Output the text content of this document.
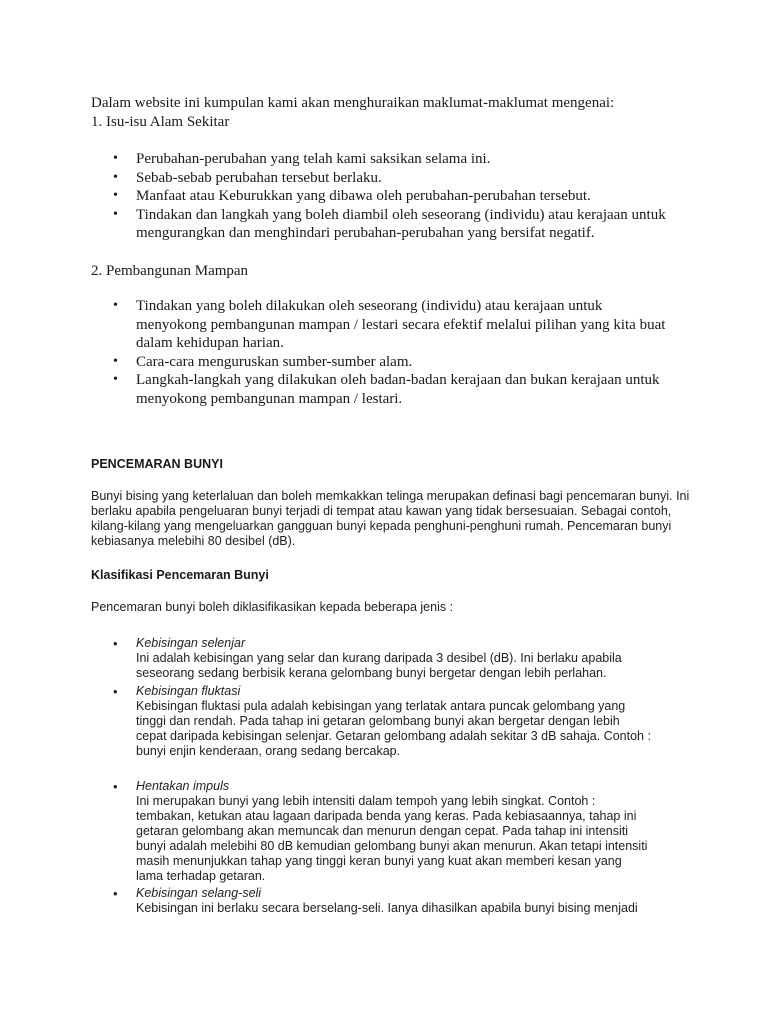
Dalam website ini kumpulan kami akan menghuraikan maklumat-maklumat mengenai:

1. Isu-isu Alam Sekitar

• Perubahan-perubahan yang telah kami saksikan selama ini.
• Sebab-sebab perubahan tersebut berlaku.
• Manfaat atau Keburukkan yang dibawa oleh perubahan-perubahan tersebut.
• Tindakan dan langkah yang boleh diambil oleh seseorang (individu) atau kerajaan untuk mengurangkan dan menghindari perubahan-perubahan yang bersifat negatif.

2. Pembangunan Mampan

• Tindakan yang boleh dilakukan oleh seseorang (individu) atau kerajaan untuk menyokong pembangunan mampan / lestari secara efektif melalui pilihan yang kita buat dalam kehidupan harian.
• Cara-cara menguruskan sumber-sumber alam.
• Langkah-langkah yang dilakukan oleh badan-badan kerajaan dan bukan kerajaan untuk menyokong pembangunan mampan / lestari.

PENCEMARAN BUNYI

Bunyi bising yang keterlaluan dan boleh memkakkan telinga merupakan definasi bagi pencemaran bunyi. Ini berlaku apabila pengeluaran bunyi terjadi di tempat atau kawan yang tidak bersesuaian. Sebagai contoh, kilang-kilang yang mengeluarkan gangguan bunyi kepada penghuni-penghuni rumah. Pencemaran bunyi kebiasanya melebihi 80 desibel (dB).

Klasifikasi Pencemaran Bunyi

Pencemaran bunyi boleh diklasifikasikan kepada beberapa jenis :

• Kebisingan selenjar
Ini adalah kebisingan yang selar dan kurang daripada 3 desibel (dB). Ini berlaku apabila seseorang sedang berbisik kerana gelombang bunyi bergetar dengan lebih perlahan.
• Kebisingan fluktasi
Kebisingan fluktasi pula adalah kebisingan yang terlatak antara puncak gelombang yang tinggi dan rendah. Pada tahap ini getaran gelombang bunyi akan bergetar dengan lebih cepat daripada kebisingan selenjar. Getaran gelombang adalah sekitar 3 dB sahaja. Contoh : bunyi enjin kenderaan, orang sedang bercakap.
• Hentakan impuls
Ini merupakan bunyi yang lebih intensiti dalam tempoh yang lebih singkat. Contoh : tembakan, ketukan atau lagaan daripada benda yang keras. Pada kebiasaannya, tahap ini getaran gelombang akan memuncak dan menurun dengan cepat. Pada tahap ini intensiti bunyi adalah melebihi 80 dB kemudian gelombang bunyi akan menurun. Akan tetapi intensiti masih menunjukkan tahap yang tinggi keran bunyi yang kuat akan memberi kesan yang lama terhadap getaran.
• Kebisingan selang-seli
Kebisingan ini berlaku secara berselang-seli. Ianya dihasilkan apabila bunyi bising menjadi
